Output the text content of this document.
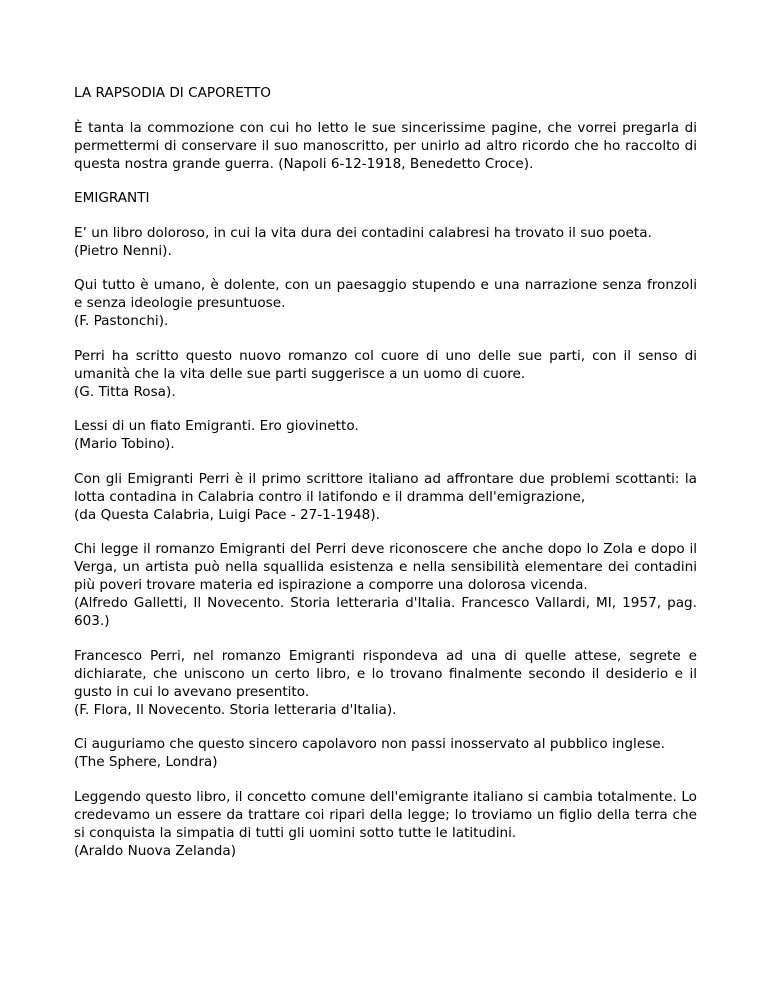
LA RAPSODIA DI CAPORETTO

È tanta la commozione con cui ho letto le sue sincerissime pagine, che vorrei pregarla di permettermi di conservare il suo manoscritto, per unirlo ad altro ricordo che ho raccolto di questa nostra grande guerra. (Napoli 6-12-1918, Benedetto Croce).

EMIGRANTI

E’ un libro doloroso, in cui la vita dura dei contadini calabresi ha trovato il suo poeta.
(Pietro Nenni).

Qui tutto è umano, è dolente, con un paesaggio stupendo e una narrazione senza fronzoli e senza ideologie presuntuose.
(F. Pastonchi).

Perri ha scritto questo nuovo romanzo col cuore di uno delle sue parti, con il senso di umanità che la vita delle sue parti suggerisce a un uomo di cuore.
(G. Titta Rosa).

Lessi di un fiato Emigranti. Ero giovinetto.
(Mario Tobino).

Con gli Emigranti Perri è il primo scrittore italiano ad affrontare due problemi scottanti: la lotta contadina in Calabria contro il latifondo e il dramma dell'emigrazione,
(da Questa Calabria, Luigi Pace - 27-1-1948).

Chi legge il romanzo Emigranti del Perri deve riconoscere che anche dopo lo Zola e dopo il Verga, un artista può nella squallida esistenza e nella sensibilità elementare dei contadini più poveri trovare materia ed ispirazione a comporre una dolorosa vicenda.
(Alfredo Galletti, Il Novecento. Storia letteraria d'Italia. Francesco Vallardi, MI, 1957, pag. 603.)

Francesco Perri, nel romanzo Emigranti rispondeva ad una di quelle attese, segrete e dichiarate, che uniscono un certo libro, e lo trovano finalmente secondo il desiderio e il gusto in cui lo avevano presentito.
(F. Flora, Il Novecento. Storia letteraria d'Italia).

Ci auguriamo che questo sincero capolavoro non passi inosservato al pubblico inglese.
(The Sphere, Londra)

Leggendo questo libro, il concetto comune dell'emigrante italiano si cambia totalmente. Lo credevamo un essere da trattare coi ripari della legge; lo troviamo un figlio della terra che si conquista la simpatia di tutti gli uomini sotto tutte le latitudini.
(Araldo Nuova Zelanda)
